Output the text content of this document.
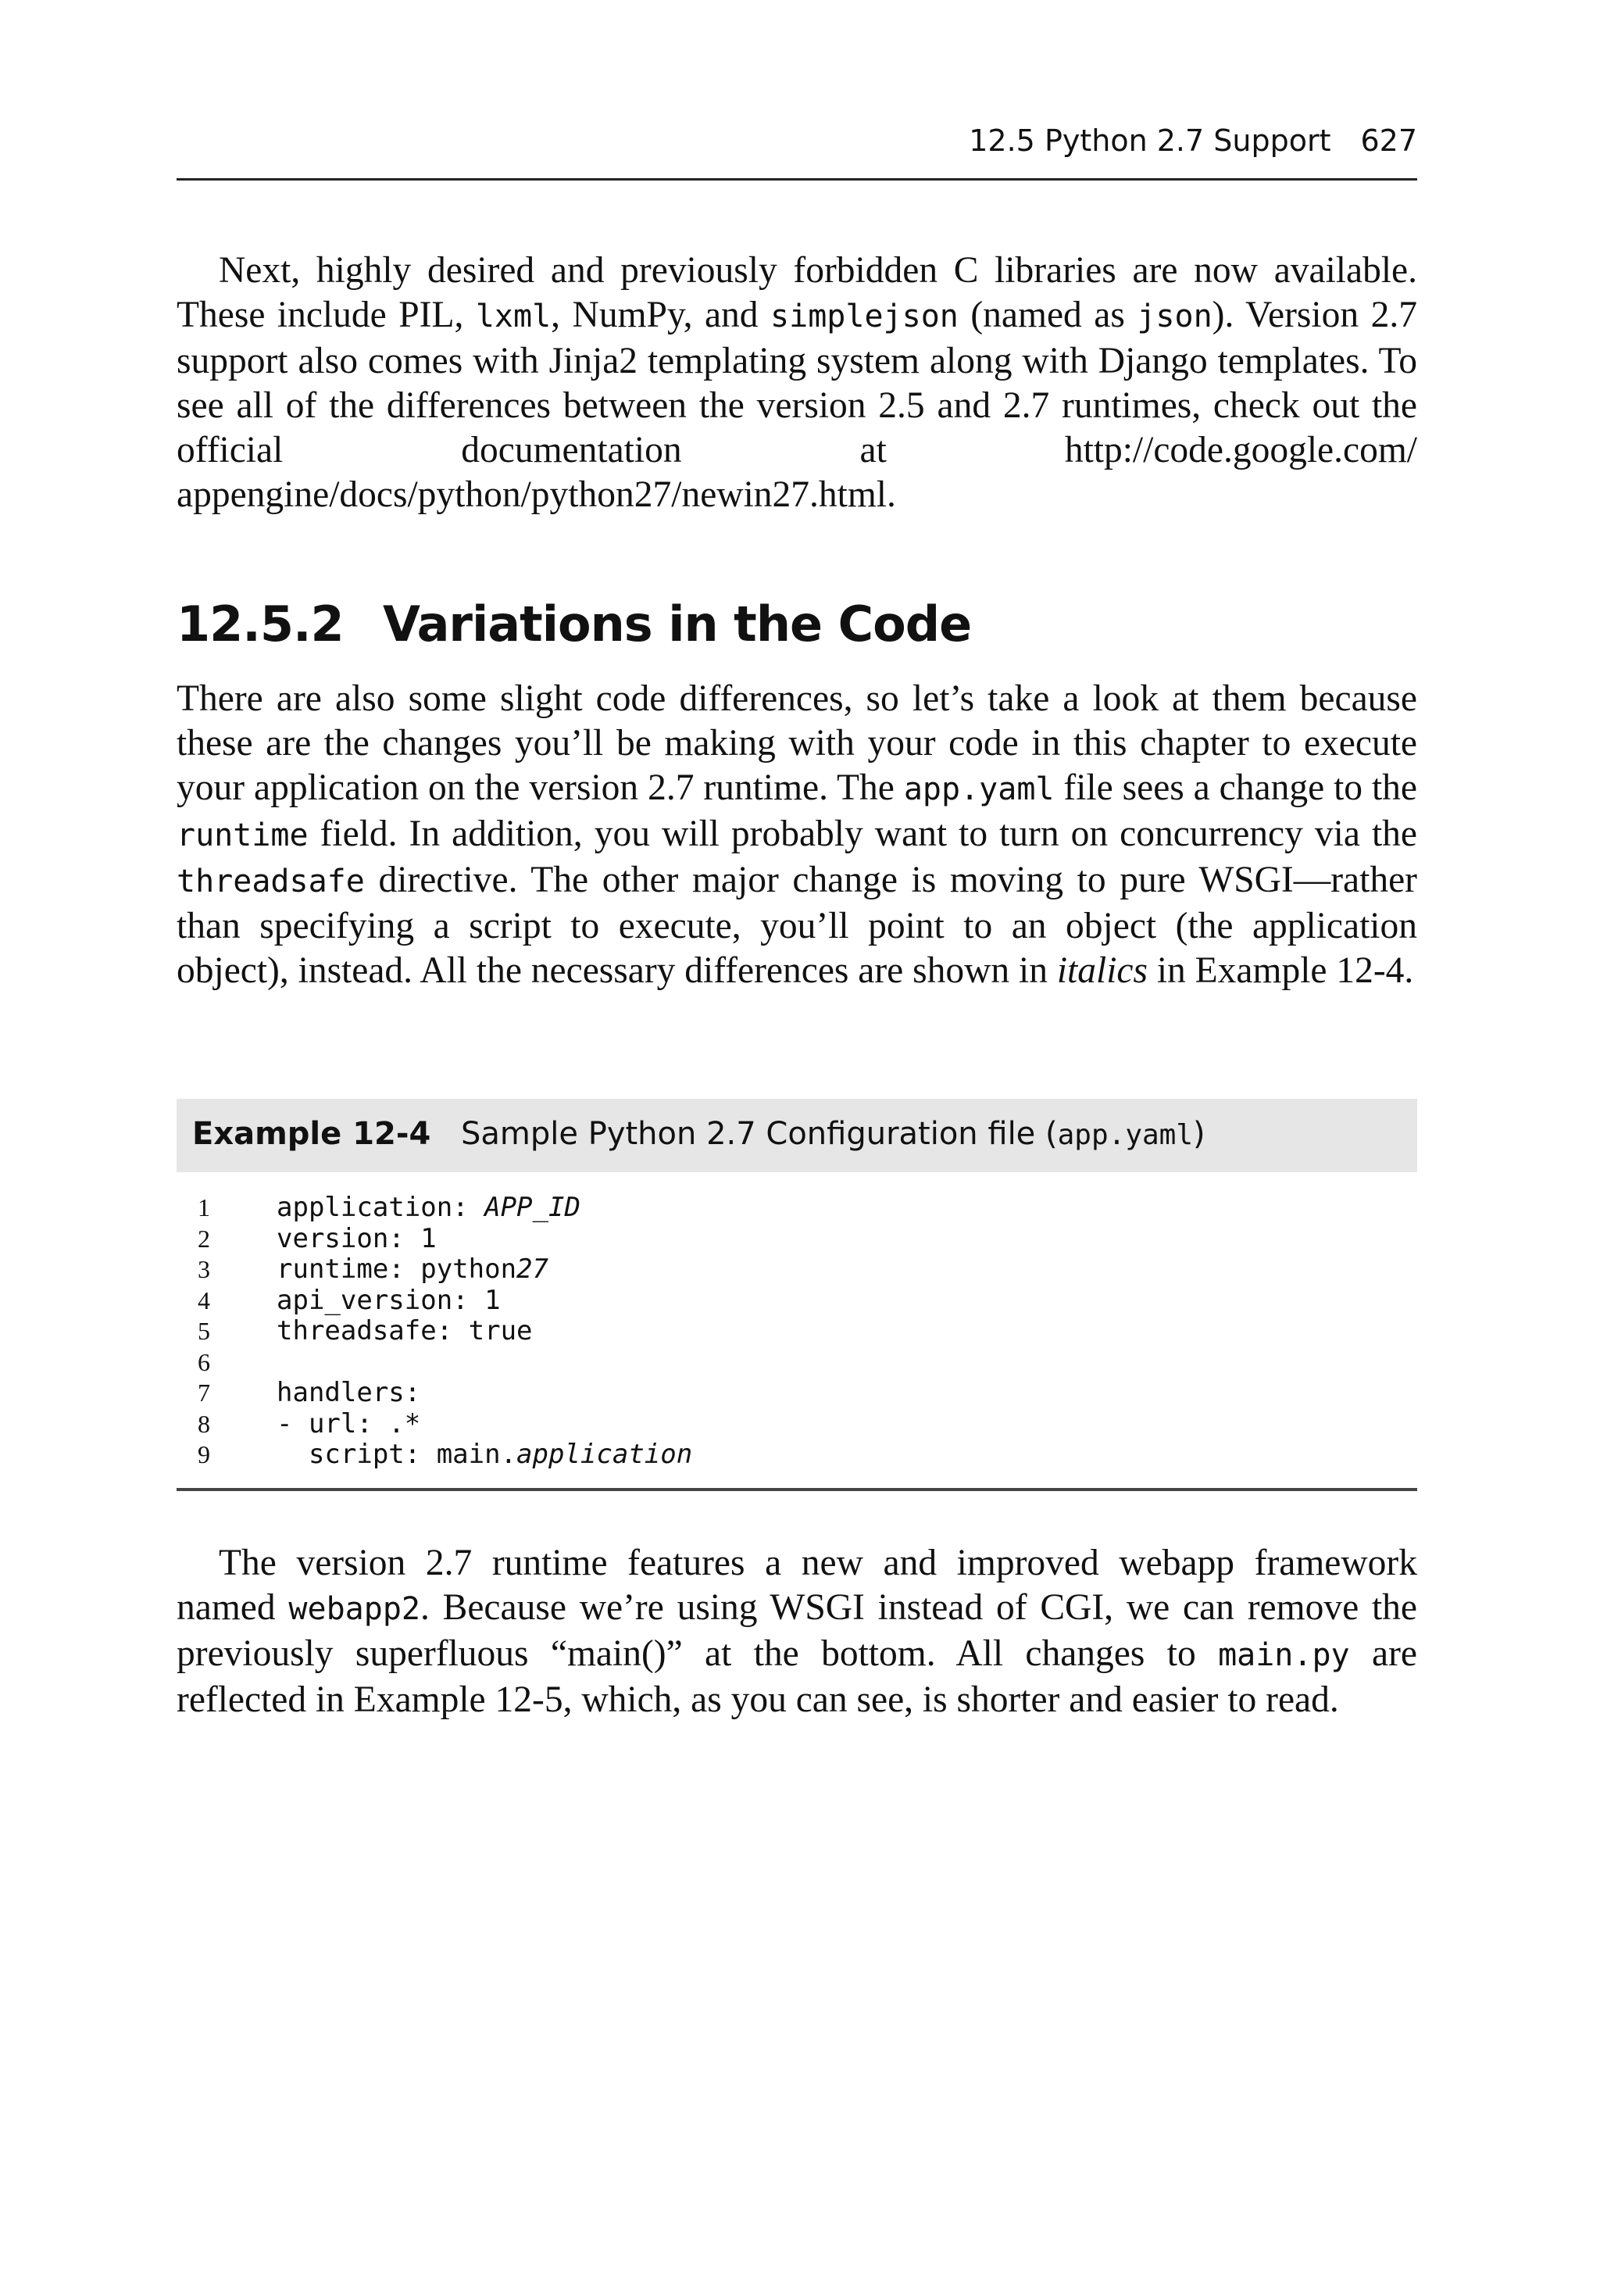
12.5 Python 2.7 Support 627

Next, highly desired and previously forbidden C libraries are now available. These include PIL, lxml, NumPy, and simplejson (named as json). Version 2.7 support also comes with Jinja2 templating system along with Django templates. To see all of the differences between the version 2.5 and 2.7 runtimes, check out the official documentation at http://code.google.com/ appengine/docs/python/python27/newin27.html.

12.5.2 Variations in the Code

There are also some slight code differences, so let’s take a look at them because these are the changes you’ll be making with your code in this chapter to execute your application on the version 2.7 runtime. The app.yaml file sees a change to the runtime field. In addition, you will probably want to turn on concurrency via the threadsafe directive. The other major change is moving to pure WSGI—rather than specifying a script to execute, you’ll point to an object (the application object), instead. All the necessary differences are shown in italics in Example 12-4.

Example 12-4 Sample Python 2.7 Configuration file (app.yaml)
1	application: APP_ID
2	version: 1
3	runtime: python27
4	api_version: 1
5	threadsafe: true
6
7	handlers:
8	- url: .*
9	script: main.application

The version 2.7 runtime features a new and improved webapp framework named webapp2. Because we’re using WSGI instead of CGI, we can remove the previously superfluous “main()” at the bottom. All changes to main.py are reflected in Example 12-5, which, as you can see, is shorter and easier to read.
